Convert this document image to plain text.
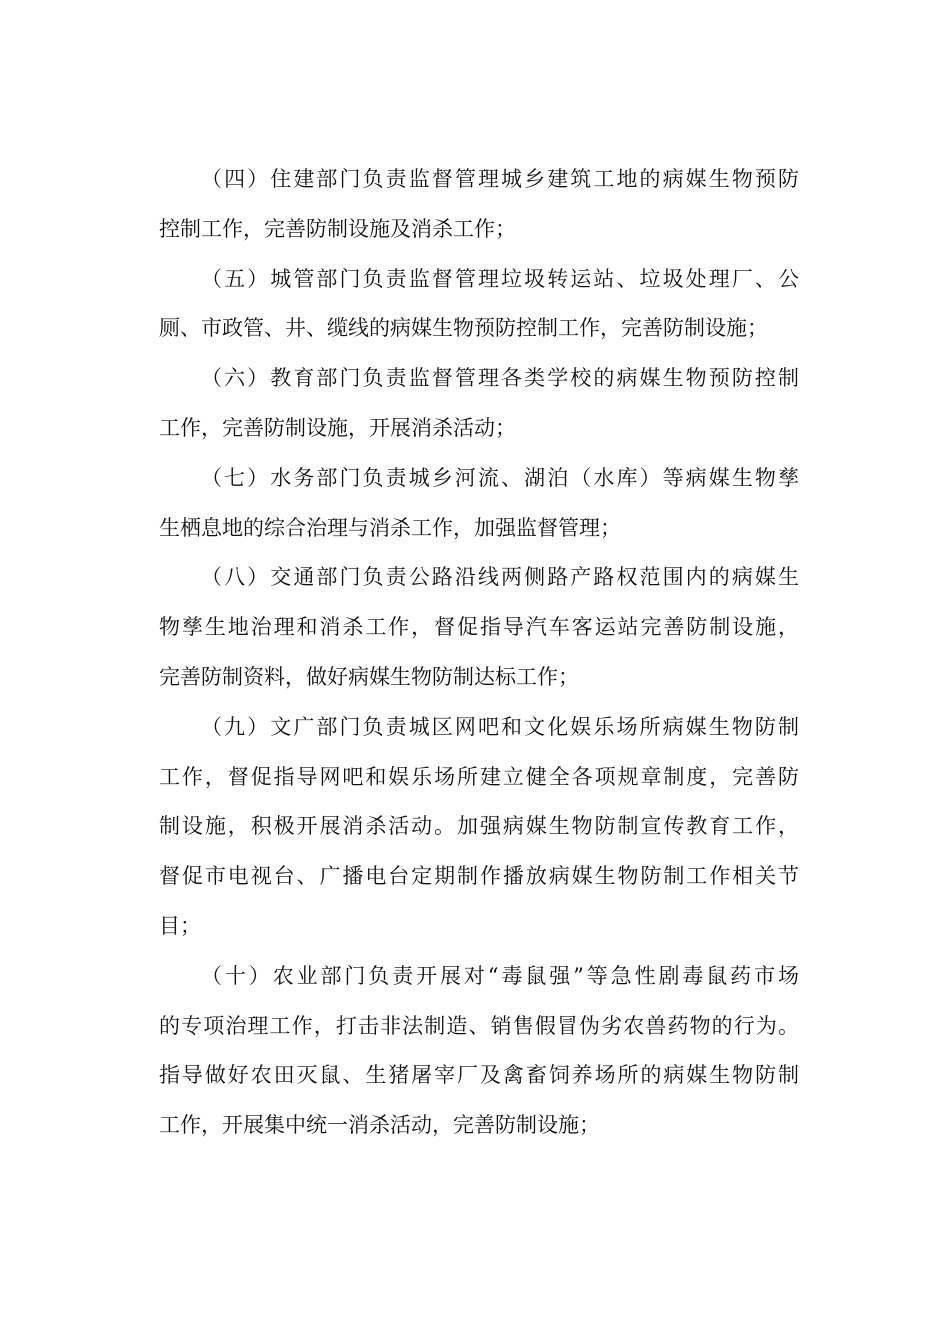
（四）住建部门负责监督管理城乡建筑工地的病媒生物预防
控制工作，完善防制设施及消杀工作；

（五）城管部门负责监督管理垃圾转运站、垃圾处理厂、公
厕、市政管、井、缆线的病媒生物预防控制工作，完善防制设施；

（六）教育部门负责监督管理各类学校的病媒生物预防控制
工作，完善防制设施，开展消杀活动；

（七）水务部门负责城乡河流、湖泊（水库）等病媒生物孳
生栖息地的综合治理与消杀工作，加强监督管理；

（八）交通部门负责公路沿线两侧路产路权范围内的病媒生
物孳生地治理和消杀工作，督促指导汽车客运站完善防制设施，
完善防制资料，做好病媒生物防制达标工作；

（九）文广部门负责城区网吧和文化娱乐场所病媒生物防制
工作，督促指导网吧和娱乐场所建立健全各项规章制度，完善防
制设施，积极开展消杀活动。加强病媒生物防制宣传教育工作，
督促市电视台、广播电台定期制作播放病媒生物防制工作相关节
目；

（十）农业部门负责开展对“毒鼠强”等急性剧毒鼠药市场
的专项治理工作，打击非法制造、销售假冒伪劣农兽药物的行为。
指导做好农田灭鼠、生猪屠宰厂及禽畜饲养场所的病媒生物防制
工作，开展集中统一消杀活动，完善防制设施；
